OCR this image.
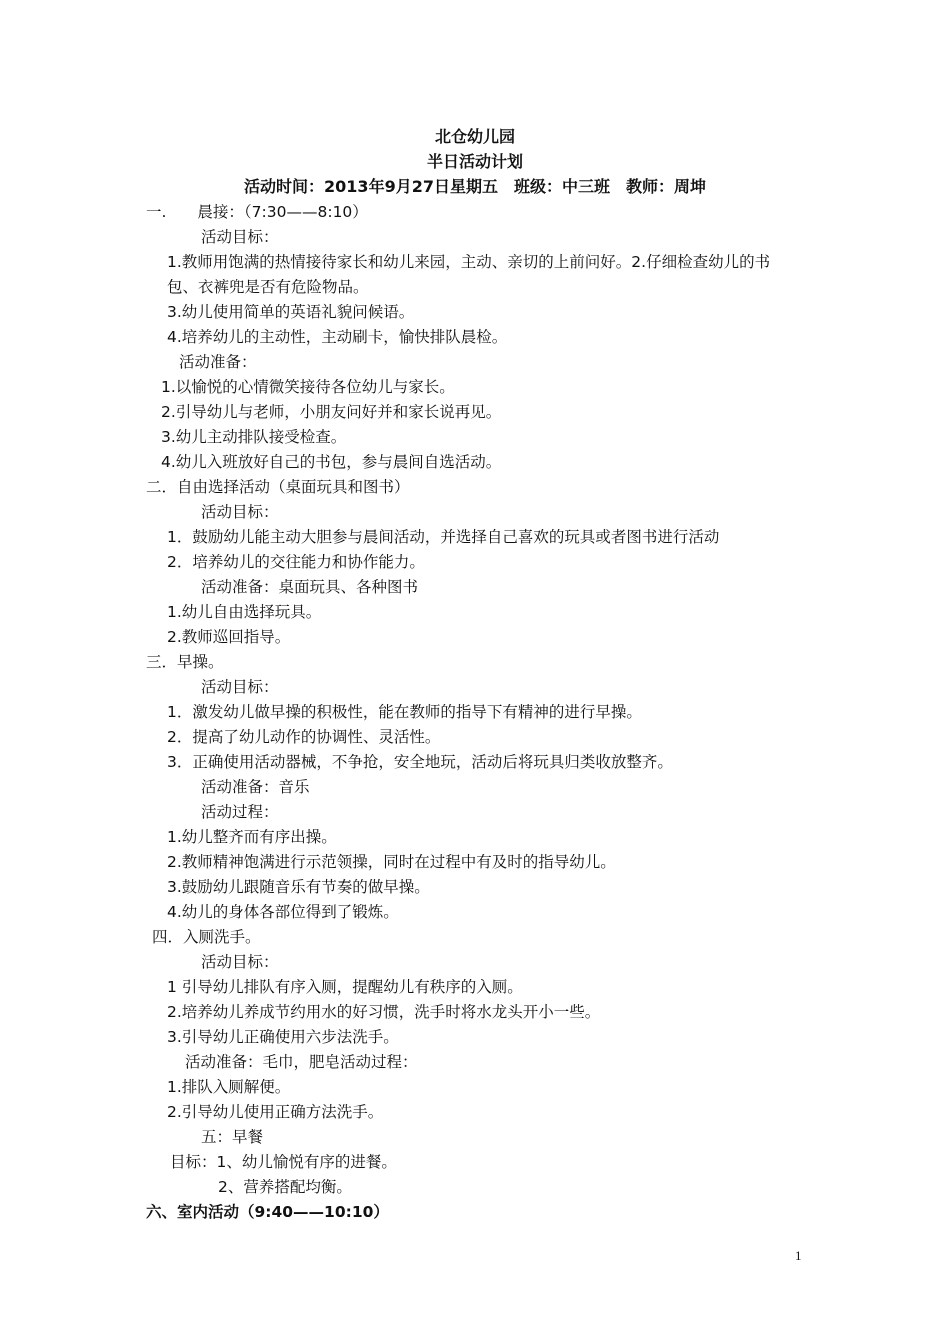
北仓幼儿园
半日活动计划
活动时间：2013年9月27日星期五　班级：中三班　教师：周坤
一.　　晨接：（7:30——8:10）
活动目标：
1.教师用饱满的热情接待家长和幼儿来园，主动、亲切的上前问好。2.仔细检查幼儿的书
包、衣裤兜是否有危险物品。
3.幼儿使用简单的英语礼貌问候语。
4.培养幼儿的主动性，主动刷卡，愉快排队晨检。
活动准备：
1.以愉悦的心情微笑接待各位幼儿与家长。
2.引导幼儿与老师，小朋友问好并和家长说再见。
3.幼儿主动排队接受检查。
4.幼儿入班放好自己的书包，参与晨间自选活动。
二．自由选择活动（桌面玩具和图书）
活动目标：
1．鼓励幼儿能主动大胆参与晨间活动，并选择自己喜欢的玩具或者图书进行活动
2．培养幼儿的交往能力和协作能力。
活动准备：桌面玩具、各种图书
1.幼儿自由选择玩具。
2.教师巡回指导。
三．早操。
活动目标：
1．激发幼儿做早操的积极性，能在教师的指导下有精神的进行早操。
2．提高了幼儿动作的协调性、灵活性。
3．正确使用活动器械，不争抢，安全地玩，活动后将玩具归类收放整齐。
活动准备：音乐
活动过程：
1.幼儿整齐而有序出操。
2.教师精神饱满进行示范领操，同时在过程中有及时的指导幼儿。
3.鼓励幼儿跟随音乐有节奏的做早操。
4.幼儿的身体各部位得到了锻炼。
四．入厕洗手。
活动目标：
1 引导幼儿排队有序入厕，提醒幼儿有秩序的入厕。
2.培养幼儿养成节约用水的好习惯，洗手时将水龙头开小一些。
3.引导幼儿正确使用六步法洗手。
活动准备：毛巾，肥皂活动过程：
1.排队入厕解便。
2.引导幼儿使用正确方法洗手。
五：早餐
目标：1、幼儿愉悦有序的进餐。
2、营养搭配均衡。
六、室内活动（9:40——10:10）
1
